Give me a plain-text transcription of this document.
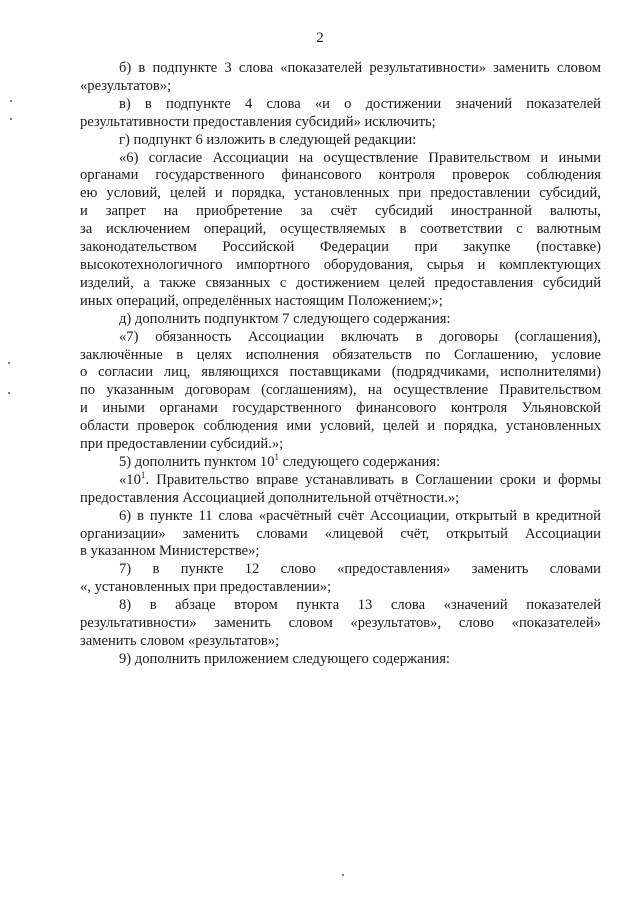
2
б) в подпункте 3 слова «показателей результативности» заменить словом
«результатов»;
в) в подпункте 4 слова «и о достижении значений показателей
результативности предоставления субсидий» исключить;
г) подпункт 6 изложить в следующей редакции:
«6) согласие Ассоциации на осуществление Правительством и иными
органами государственного финансового контроля проверок соблюдения
ею условий, целей и порядка, установленных при предоставлении субсидий,
и запрет на приобретение за счёт субсидий иностранной валюты,
за исключением операций, осуществляемых в соответствии с валютным
законодательством Российской Федерации при закупке (поставке)
высокотехнологичного импортного оборудования, сырья и комплектующих
изделий, а также связанных с достижением целей предоставления субсидий
иных операций, определённых настоящим Положением;»;
д) дополнить подпунктом 7 следующего содержания:
«7) обязанность Ассоциации включать в договоры (соглашения),
заключённые в целях исполнения обязательств по Соглашению, условие
о согласии лиц, являющихся поставщиками (подрядчиками, исполнителями)
по указанным договорам (соглашениям), на осуществление Правительством
и иными органами государственного финансового контроля Ульяновской
области проверок соблюдения ими условий, целей и порядка, установленных
при предоставлении субсидий.»;
5) дополнить пунктом $10^1$ следующего содержания:
«$10^1$. Правительство вправе устанавливать в Соглашении сроки и формы
предоставления Ассоциацией дополнительной отчётности.»;
6) в пункте 11 слова «расчётный счёт Ассоциации, открытый в кредитной
организации» заменить словами «лицевой счёт, открытый Ассоциации
в указанном Министерстве»;
7) в пункте 12 слово «предоставления» заменить словами
«, установленных при предоставлении»;
8) в абзаце втором пункта 13 слова «значений показателей
результативности» заменить словом «результатов», слово «показателей»
заменить словом «результатов»;
9) дополнить приложением следующего содержания:
